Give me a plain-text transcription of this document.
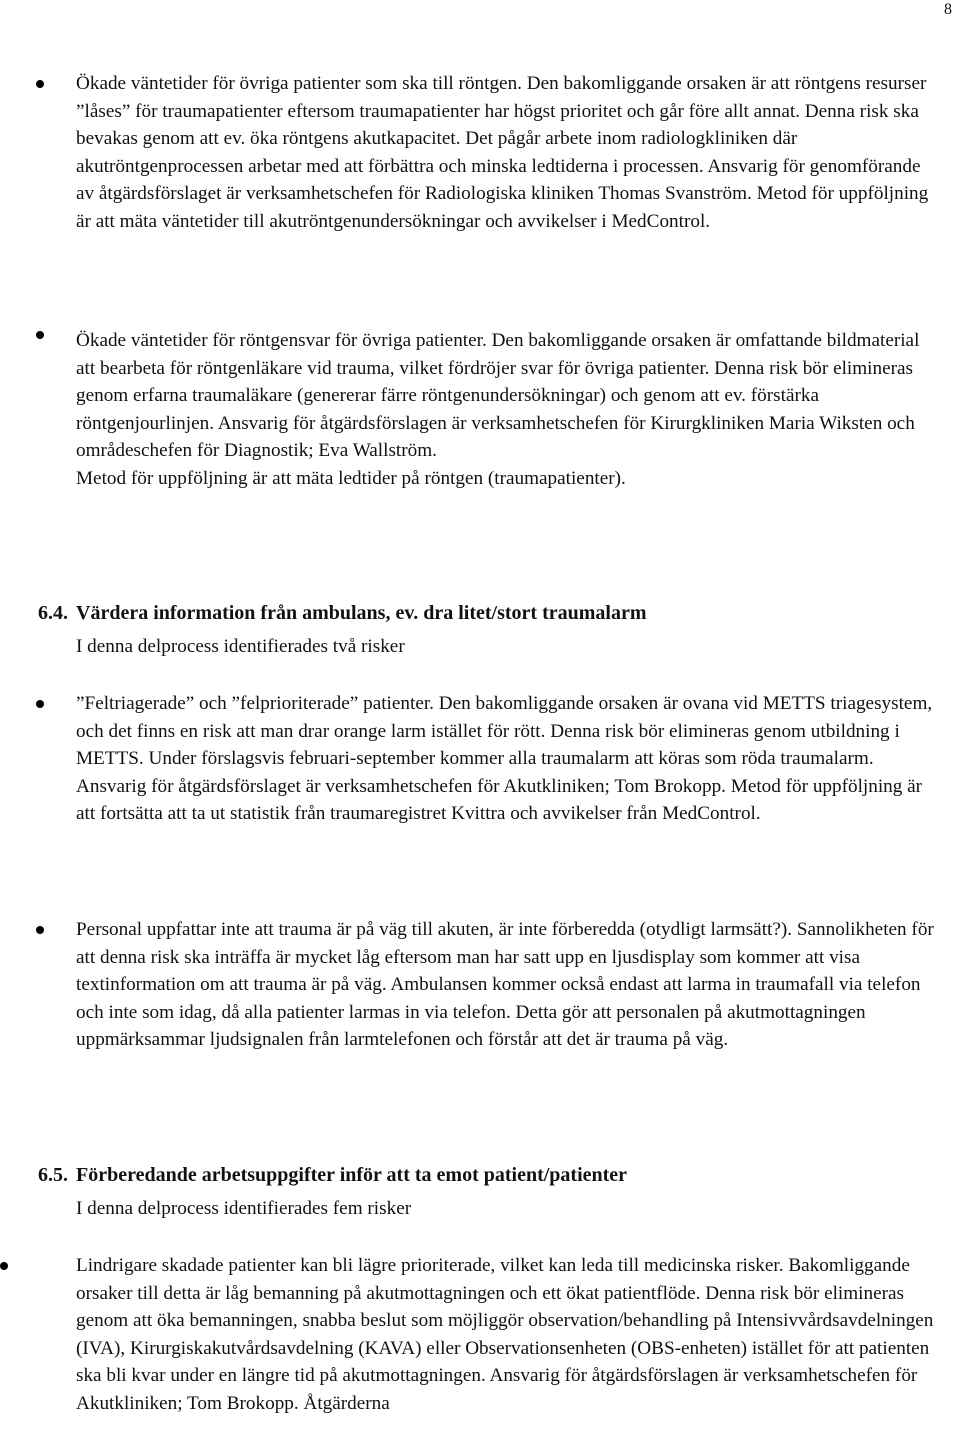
8

Ökade väntetider för övriga patienter som ska till röntgen. Den bakomliggande orsaken är att röntgens resurser ”låses” för traumapatienter eftersom traumapatienter har högst prioritet och går före allt annat. Denna risk ska bevakas genom att ev. öka röntgens akutkapacitet. Det pågår arbete inom radiologkliniken där akutröntgenprocessen arbetar med att förbättra och minska ledtiderna i processen. Ansvarig för genomförande av åtgärdsförslaget är verksamhetschefen för Radiologiska kliniken Thomas Svanström. Metod för uppföljning är att mäta väntetider till akutröntgenundersökningar och avvikelser i MedControl.

Ökade väntetider för röntgensvar för övriga patienter. Den bakomliggande orsaken är omfattande bildmaterial att bearbeta för röntgenläkare vid trauma, vilket fördröjer svar för övriga patienter. Denna risk bör elimineras genom erfarna traumaläkare (genererar färre röntgenundersökningar) och genom att ev. förstärka röntgenjourlinjen. Ansvarig för åtgärdsförslagen är verksamhetschefen för Kirurgkliniken Maria Wiksten och områdeschefen för Diagnostik; Eva Wallström.
Metod för uppföljning är att mäta ledtider på röntgen (traumapatienter).
6.4. Värdera information från ambulans, ev. dra litet/stort traumalarm
I denna delprocess identifierades två risker

”Feltriagerade” och ”felprioriterade” patienter. Den bakomliggande orsaken är ovana vid METTS triagesystem, och det finns en risk att man drar orange larm istället för rött. Denna risk bör elimineras genom utbildning i METTS. Under förslagsvis februari-september kommer alla traumalarm att köras som röda traumalarm. Ansvarig för åtgärdsförslaget är verksamhetschefen för Akutkliniken; Tom Brokopp. Metod för uppföljning är att fortsätta att ta ut statistik från traumaregistret Kvittra och avvikelser från MedControl.

Personal uppfattar inte att trauma är på väg till akuten, är inte förberedda (otydligt larmsätt?). Sannolikheten för att denna risk ska inträffa är mycket låg eftersom man har satt upp en ljusdisplay som kommer att visa textinformation om att trauma är på väg. Ambulansen kommer också endast att larma in traumafall via telefon och inte som idag, då alla patienter larmas in via telefon. Detta gör att personalen på akutmottagningen uppmärksammar ljudsignalen från larmtelefonen och förstår att det är trauma på väg.

6.5. Förberedande arbetsuppgifter inför att ta emot patient/patienter
I denna delprocess identifierades fem risker

Lindrigare skadade patienter kan bli lägre prioriterade, vilket kan leda till medicinska risker. Bakomliggande orsaker till detta är låg bemanning på akutmottagningen och ett ökat patientflöde. Denna risk bör elimineras genom att öka bemanningen, snabba beslut som möjliggör observation/behandling på Intensivvårdsavdelningen (IVA), Kirurgiskakutvårdsavdelning (KAVA) eller Observationsenheten (OBS-enheten) istället för att patienten ska bli kvar under en längre tid på akutmottagningen. Ansvarig för åtgärdsförslagen är verksamhetschefen för Akutkliniken; Tom Brokopp. Åtgärderna
